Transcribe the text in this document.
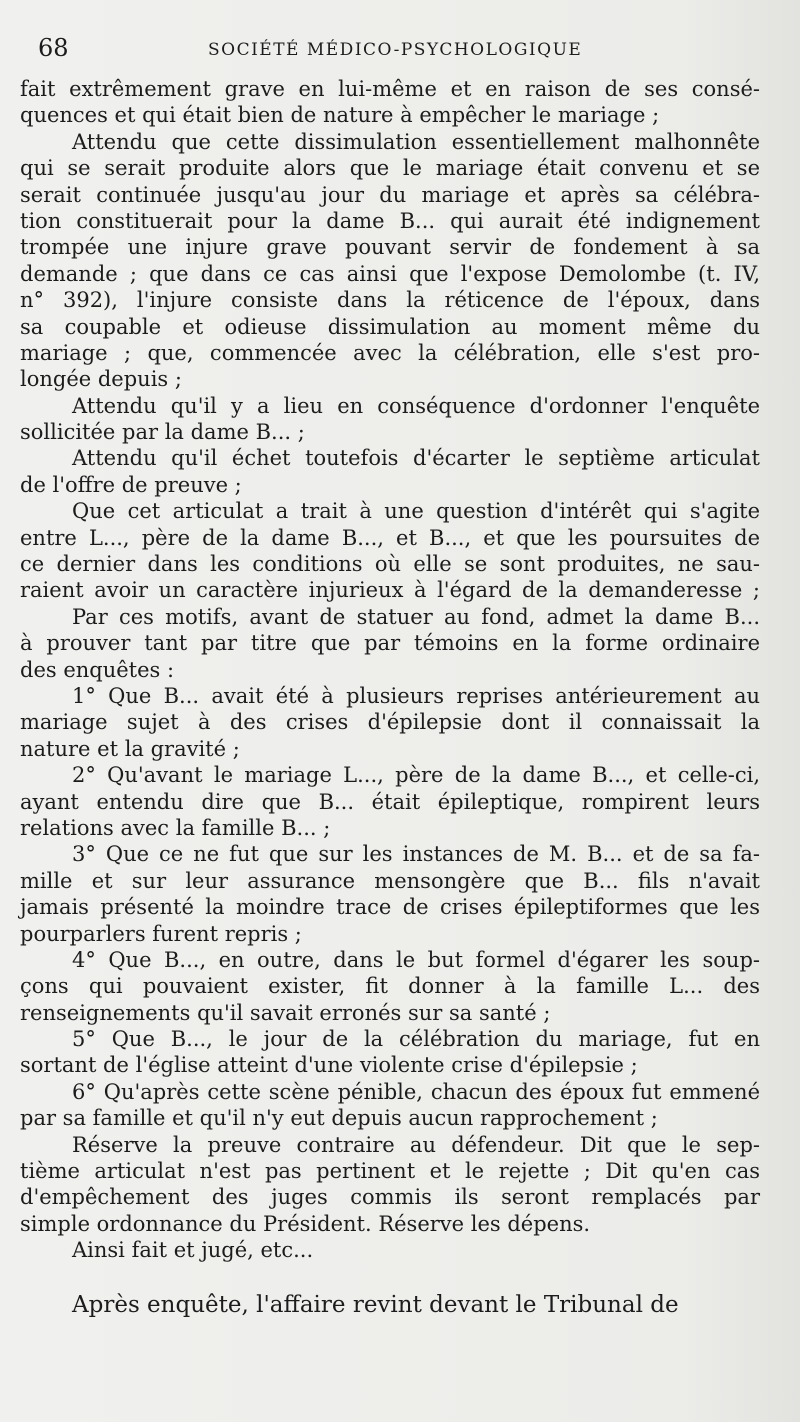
68	SOCIÉTÉ MÉDICO-PSYCHOLOGIQUE
fait extrêmement grave en lui-même et en raison de ses consé-
quences et qui était bien de nature à empêcher le mariage ;
Attendu que cette dissimulation essentiellement malhonnête
qui se serait produite alors que le mariage était convenu et se
serait continuée jusqu'au jour du mariage et après sa célébra-
tion constituerait pour la dame B... qui aurait été indignement
trompée une injure grave pouvant servir de fondement à sa
demande ; que dans ce cas ainsi que l'expose Demolombe (t. IV,
n° 392), l'injure consiste dans la réticence de l'époux, dans
sa coupable et odieuse dissimulation au moment même du
mariage ; que, commencée avec la célébration, elle s'est pro-
longée depuis ;
Attendu qu'il y a lieu en conséquence d'ordonner l'enquête
sollicitée par la dame B... ;
Attendu qu'il échet toutefois d'écarter le septième articulat
de l'offre de preuve ;
Que cet articulat a trait à une question d'intérêt qui s'agite
entre L..., père de la dame B..., et B..., et que les poursuites de
ce dernier dans les conditions où elle se sont produites, ne sau-
raient avoir un caractère injurieux à l'égard de la demanderesse ;
Par ces motifs, avant de statuer au fond, admet la dame B...
à prouver tant par titre que par témoins en la forme ordinaire
des enquêtes :
1° Que B... avait été à plusieurs reprises antérieurement au
mariage sujet à des crises d'épilepsie dont il connaissait la
nature et la gravité ;
2° Qu'avant le mariage L..., père de la dame B..., et celle-ci,
ayant entendu dire que B... était épileptique, rompirent leurs
relations avec la famille B... ;
3° Que ce ne fut que sur les instances de M. B... et de sa fa-
mille et sur leur assurance mensongère que B... fils n'avait
jamais présenté la moindre trace de crises épileptiformes que les
pourparlers furent repris ;
4° Que B..., en outre, dans le but formel d'égarer les soup-
çons qui pouvaient exister, fit donner à la famille L... des
renseignements qu'il savait erronés sur sa santé ;
5° Que B..., le jour de la célébration du mariage, fut en
sortant de l'église atteint d'une violente crise d'épilepsie ;
6° Qu'après cette scène pénible, chacun des époux fut emmené
par sa famille et qu'il n'y eut depuis aucun rapprochement ;
Réserve la preuve contraire au défendeur. Dit que le sep-
tième articulat n'est pas pertinent et le rejette ; Dit qu'en cas
d'empêchement des juges commis ils seront remplacés par
simple ordonnance du Président. Réserve les dépens.
Ainsi fait et jugé, etc...
Après enquête, l'affaire revint devant le Tribunal de
